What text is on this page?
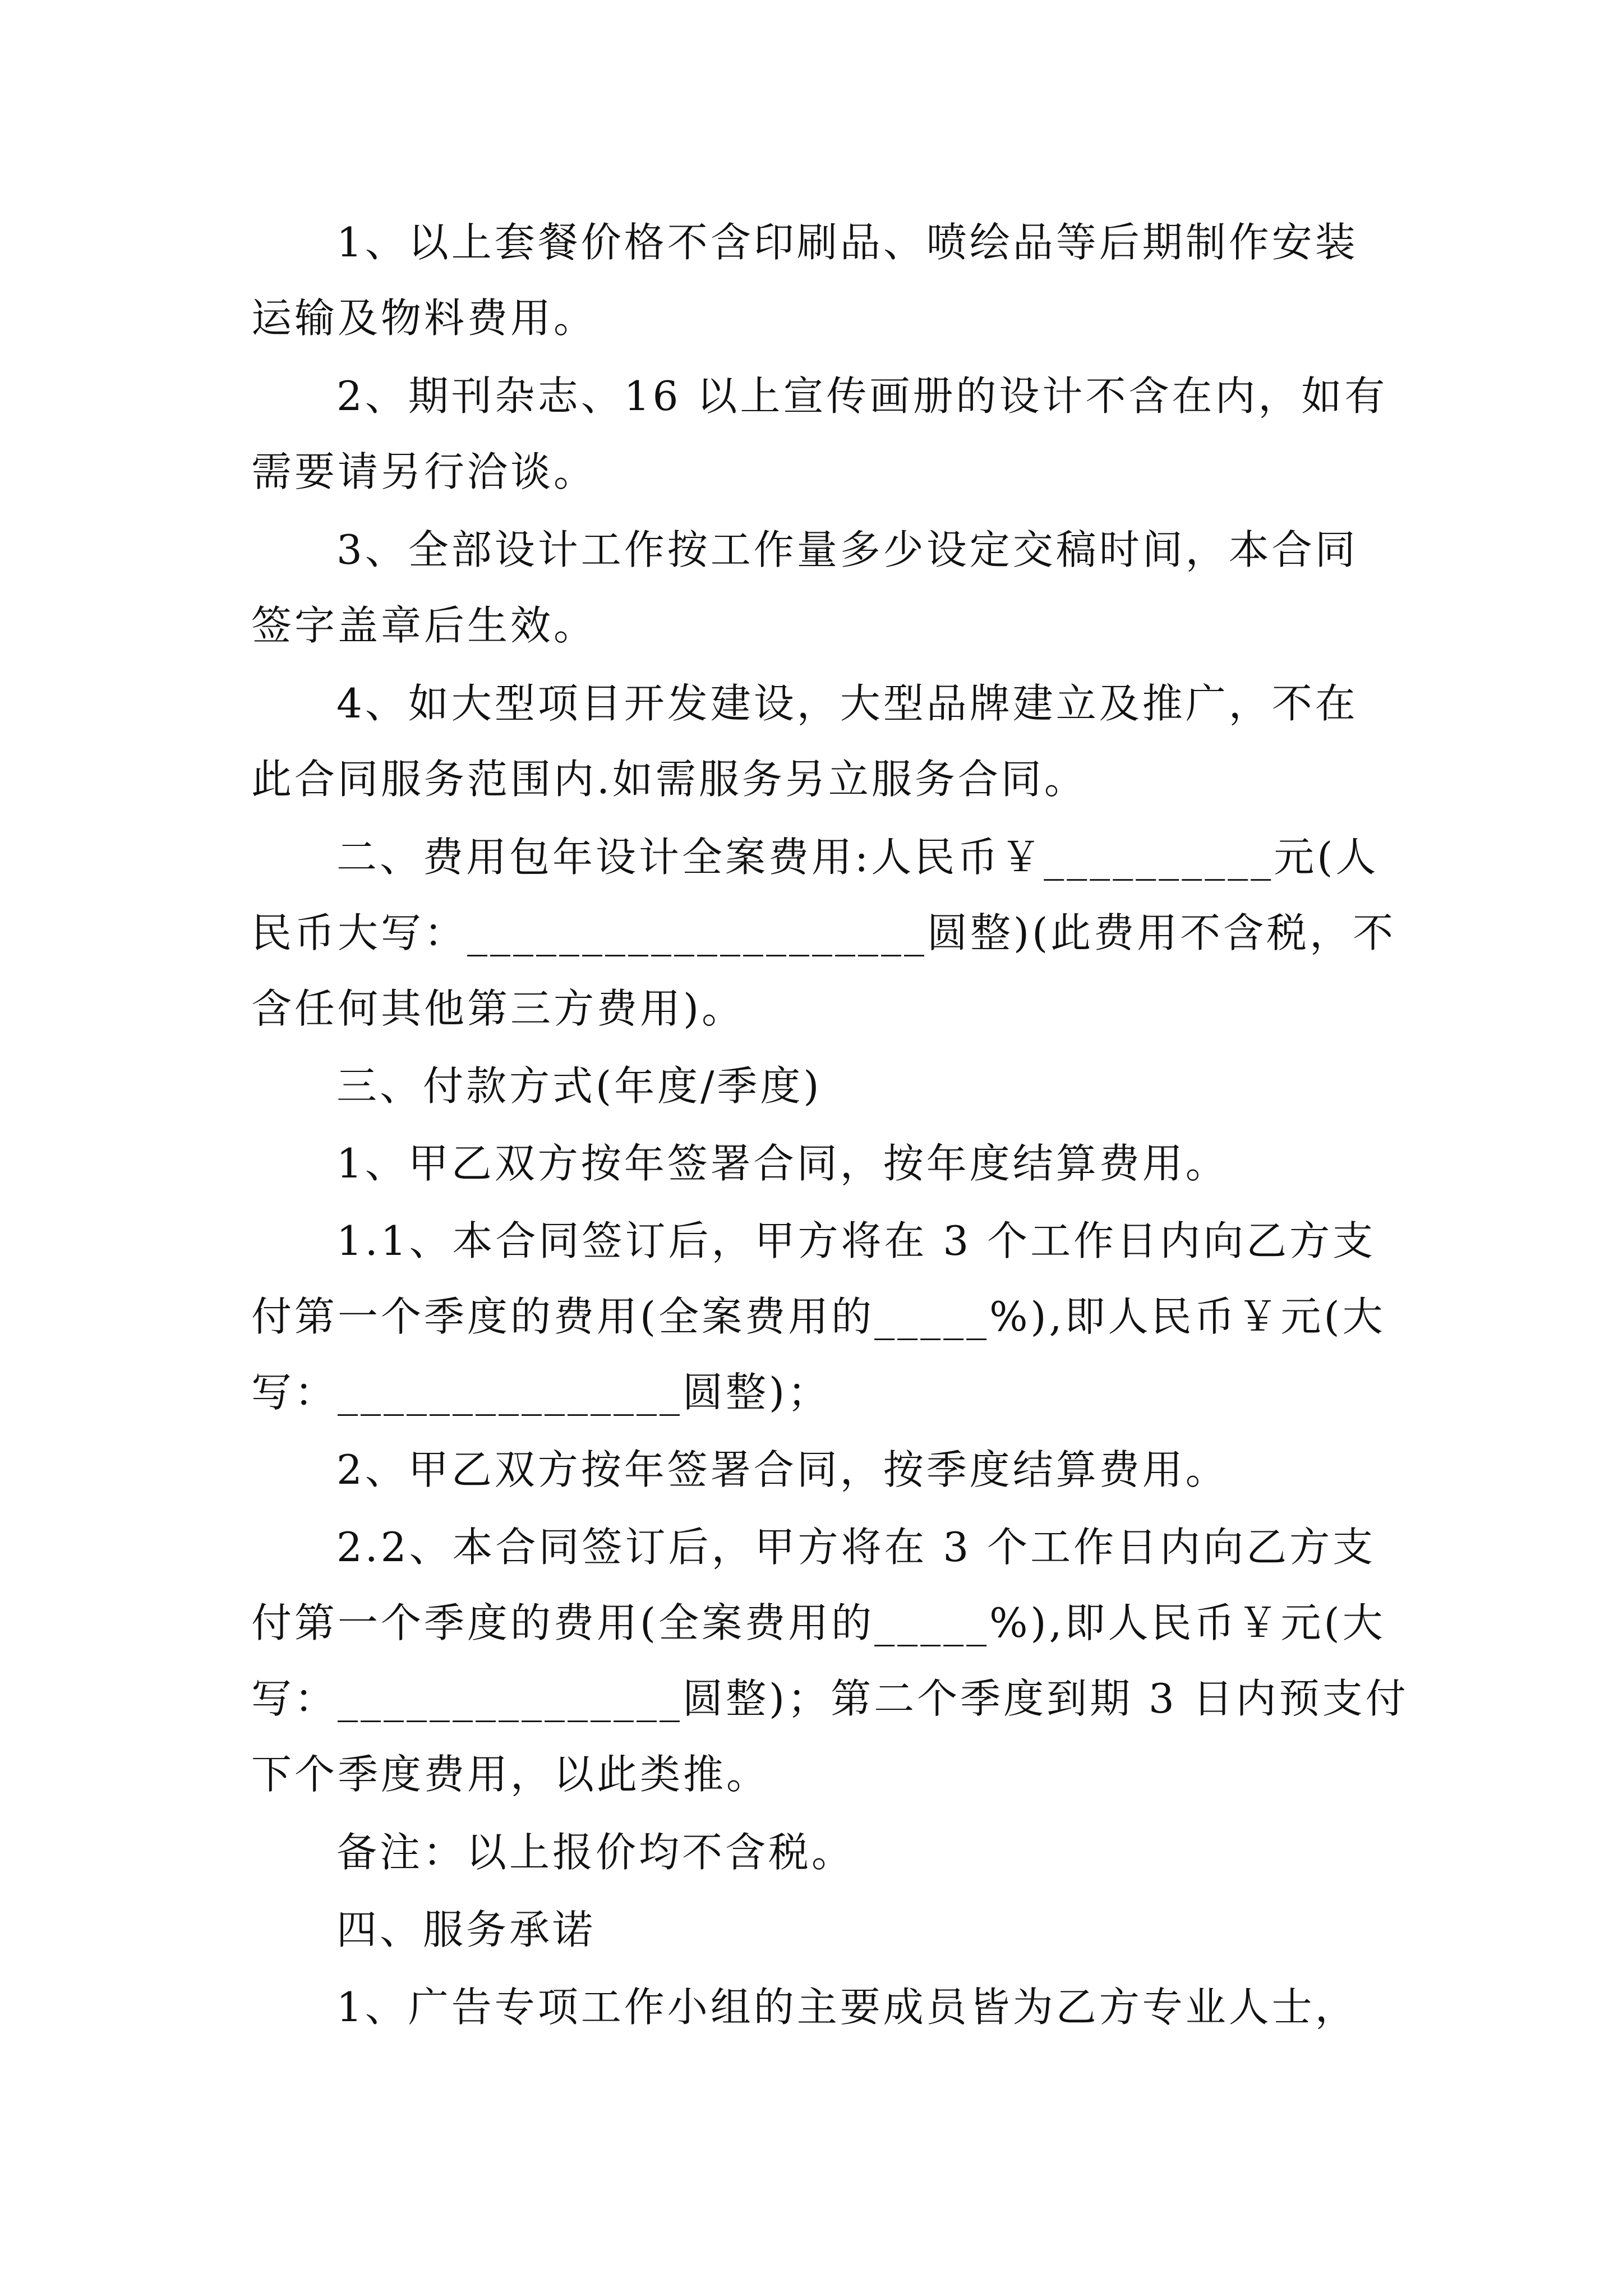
1、以上套餐价格不含印刷品、喷绘品等后期制作安装

运输及物料费用。

2、期刊杂志、16 以上宣传画册的设计不含在内，如有

需要请另行洽谈。

3、全部设计工作按工作量多少设定交稿时间，本合同

签字盖章后生效。

4、如大型项目开发建设，大型品牌建立及推广，不在

此合同服务范围内.如需服务另立服务合同。

二、费用包年设计全案费用:人民币￥__________元(人

民币大写：____________________圆整)(此费用不含税，不

含任何其他第三方费用)。

三、付款方式(年度/季度)

1、甲乙双方按年签署合同，按年度结算费用。

1.1、本合同签订后，甲方将在 3 个工作日内向乙方支

付第一个季度的费用(全案费用的_____%),即人民币￥元(大

写：_______________圆整)；

2、甲乙双方按年签署合同，按季度结算费用。

2.2、本合同签订后，甲方将在 3 个工作日内向乙方支

付第一个季度的费用(全案费用的_____%),即人民币￥元(大

写：_______________圆整)；第二个季度到期 3 日内预支付

下个季度费用，以此类推。

备注：以上报价均不含税。

四、服务承诺

1、广告专项工作小组的主要成员皆为乙方专业人士，
